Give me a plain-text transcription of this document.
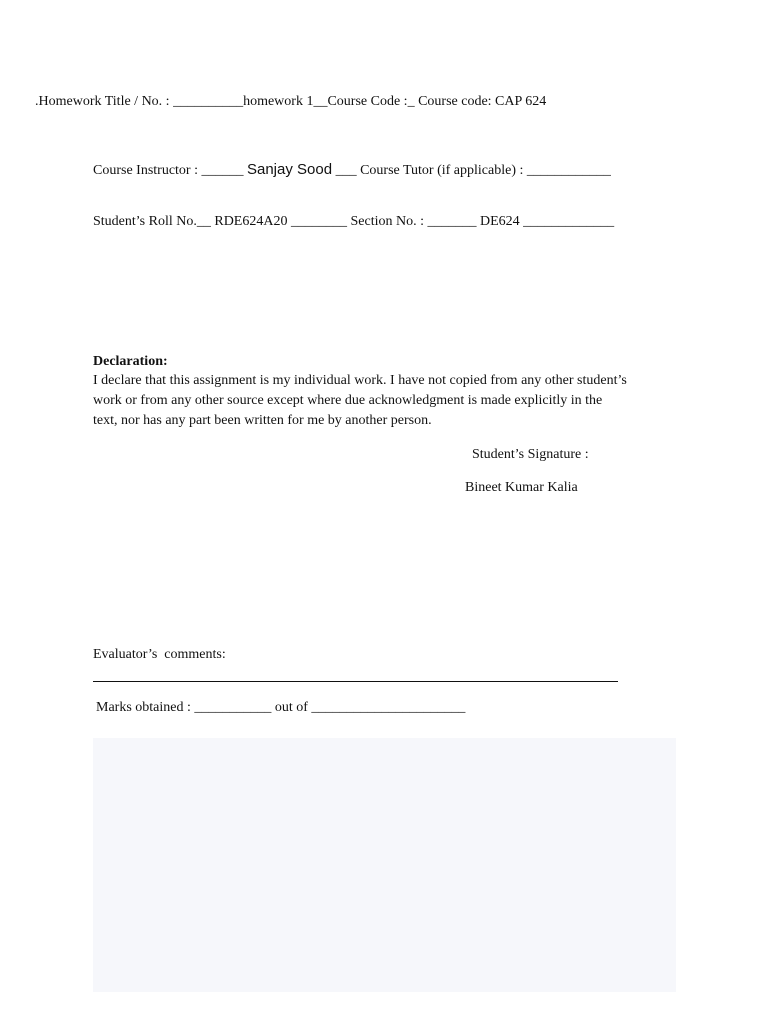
.Homework Title / No. : __________homework 1__Course Code :_ Course code: CAP 624
Course Instructor : ______ Sanjay Sood ___ Course Tutor (if applicable) : ____________
Student’s Roll No.__ RDE624A20 ________ Section No. : _______ DE624 _____________
Declaration:
I declare that this assignment is my individual work. I have not copied from any other student’s
work or from any other source except where due acknowledgment is made explicitly in the
text, nor has any part been written for me by another person.
Student’s Signature :
Bineet Kumar Kalia
Evaluator’s  comments:
Marks obtained : ___________ out of ______________________
